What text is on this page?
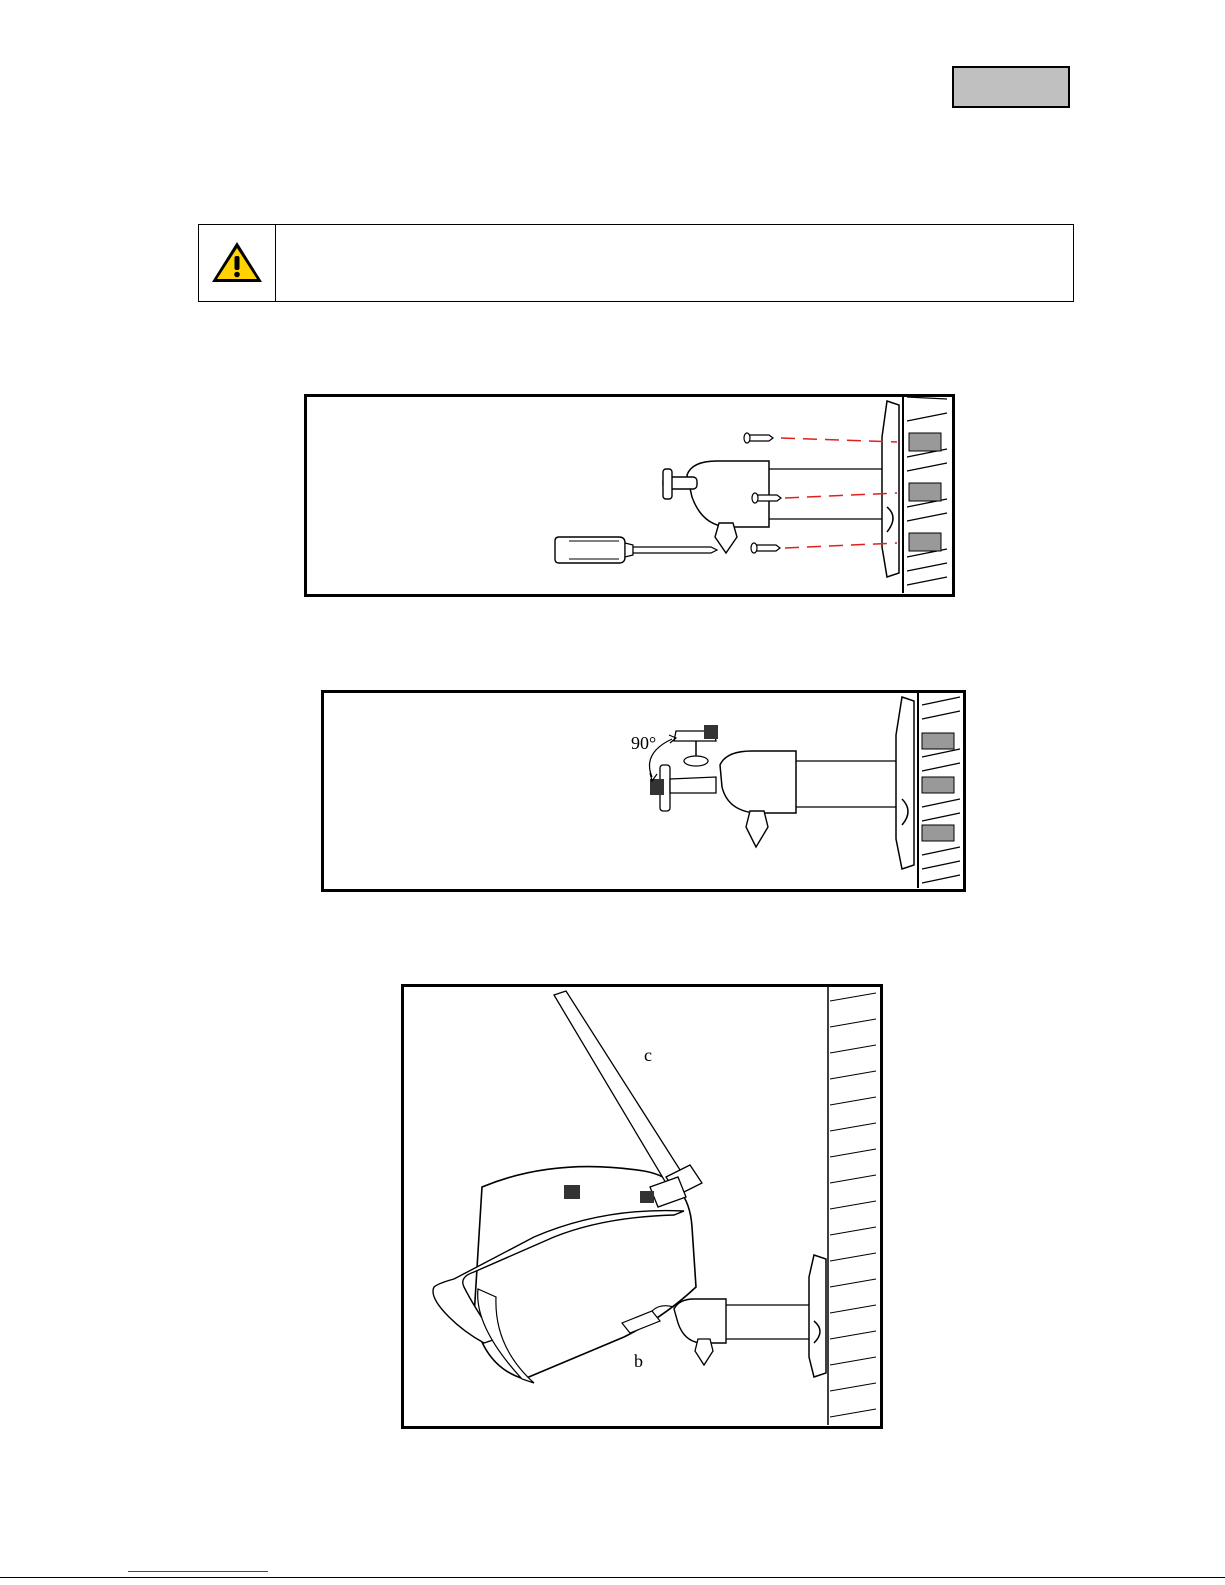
90°
c
b
